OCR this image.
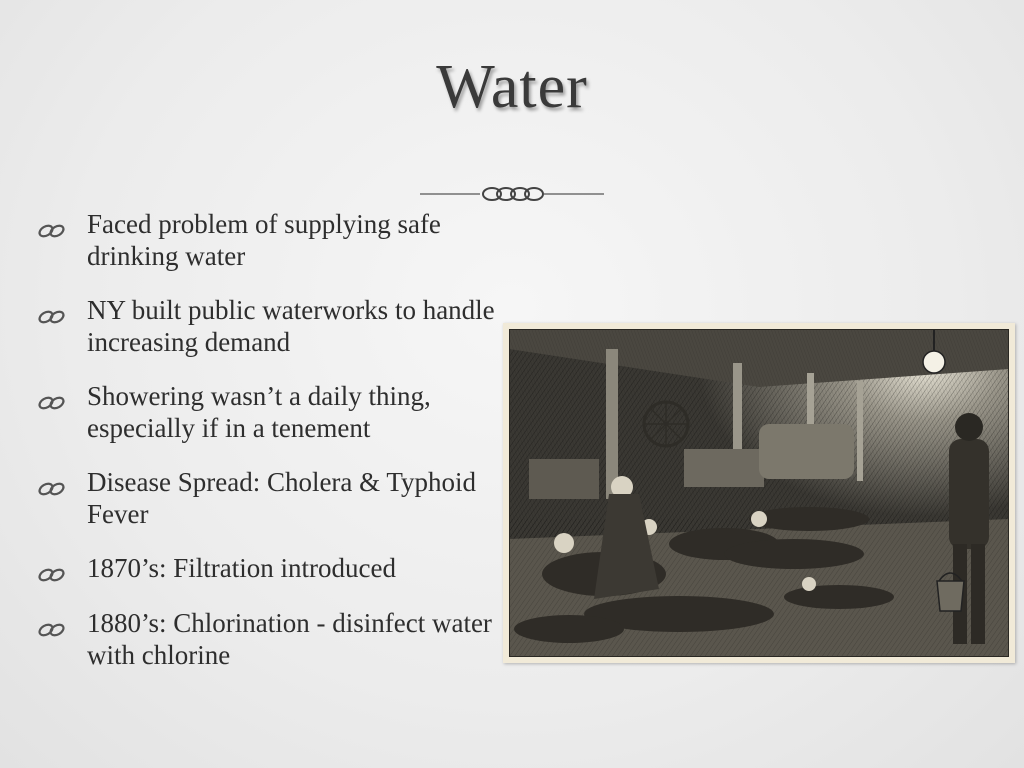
Water
Faced problem of supplying safe drinking water
NY built public waterworks to handle increasing demand
Showering wasn’t a daily thing, especially if in a tenement
Disease Spread: Cholera & Typhoid Fever
1870’s: Filtration introduced
1880’s: Chlorination - disinfect water with chlorine
